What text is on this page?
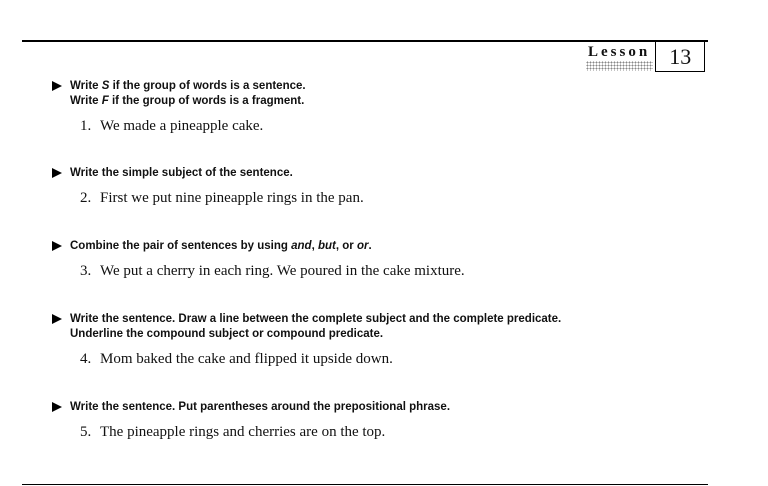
Lesson 13
Write S if the group of words is a sentence.
Write F if the group of words is a fragment.
1. We made a pineapple cake.
Write the simple subject of the sentence.
2. First we put nine pineapple rings in the pan.
Combine the pair of sentences by using and, but, or or.
3. We put a cherry in each ring. We poured in the cake mixture.
Write the sentence. Draw a line between the complete subject and the complete predicate.
Underline the compound subject or compound predicate.
4. Mom baked the cake and flipped it upside down.
Write the sentence. Put parentheses around the prepositional phrase.
5. The pineapple rings and cherries are on the top.
